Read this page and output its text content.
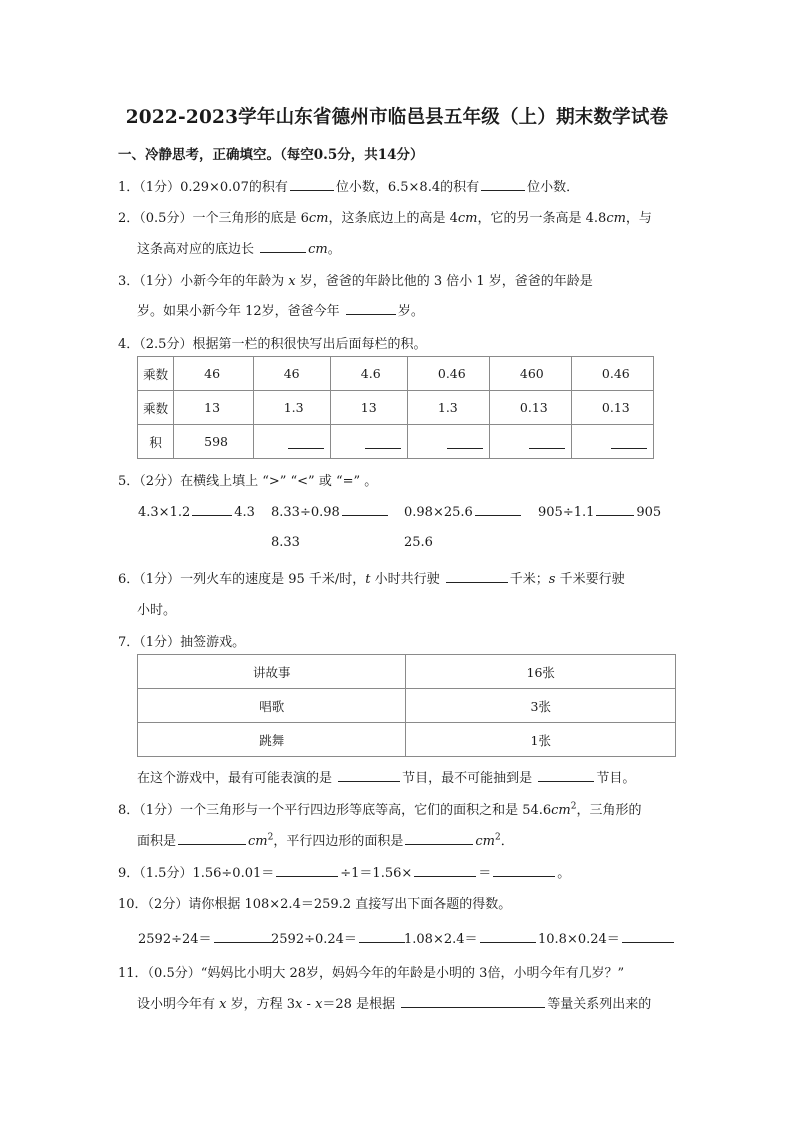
2022-2023学年山东省德州市临邑县五年级（上）期末数学试卷
一、冷静思考，正确填空。（每空0.5分，共14分）
1．（1分）0.29×0.07的积有	位小数，6.5×8.4的积有	位小数．
2．（0.5分）一个三角形的底是 6cm，这条底边上的高是 4cm，它的另一条高是 4.8cm，与
这条高对应的底边长	cm。
3．（1分）小新今年的年龄为 x 岁，爸爸的年龄比他的 3 倍小 1 岁，爸爸的年龄是
岁。如果小新今年 12岁，爸爸今年	岁。
4．（2.5分）根据第一栏的积很快写出后面每栏的积。
乘数	46	46	4.6	0.46	460	0.46
乘数	13	1.3	13	1.3	0.13	0.13
积	598					
5．（2分）在横线上填上 “>” “<” 或 “=” 。
4.3×1.2	4.3 8.33÷0.98
8.33
0.98×25.6
25.6
905÷1.1	905
6．（1分）一列火车的速度是 95 千米/时，t 小时共行驶	千米；s 千米要行驶
小时。
7．（1分）抽签游戏。
讲故事	16张
唱歌	3张
跳舞	1张
在这个游戏中，最有可能表演的是	节目，最不可能抽到是	节目。
8．（1分）一个三角形与一个平行四边形等底等高，它们的面积之和是 $54.6cm^2$，三角形的
面积是	$cm^2$，平行四边形的面积是	$cm^2$．
9．（1.5分）1.56÷0.01＝	÷1＝1.56×	＝	。
10．（2分）请你根据 108×2.4＝259.2 直接写出下面各题的得数。
2592÷24＝	2592÷0.24＝	1.08×2.4＝	10.8×0.24＝
11．（0.5分）“妈妈比小明大 28岁，妈妈今年的年龄是小明的 3倍，小明今年有几岁？”
设小明今年有 x 岁，方程 3x - x＝28 是根据	等量关系列出来的
